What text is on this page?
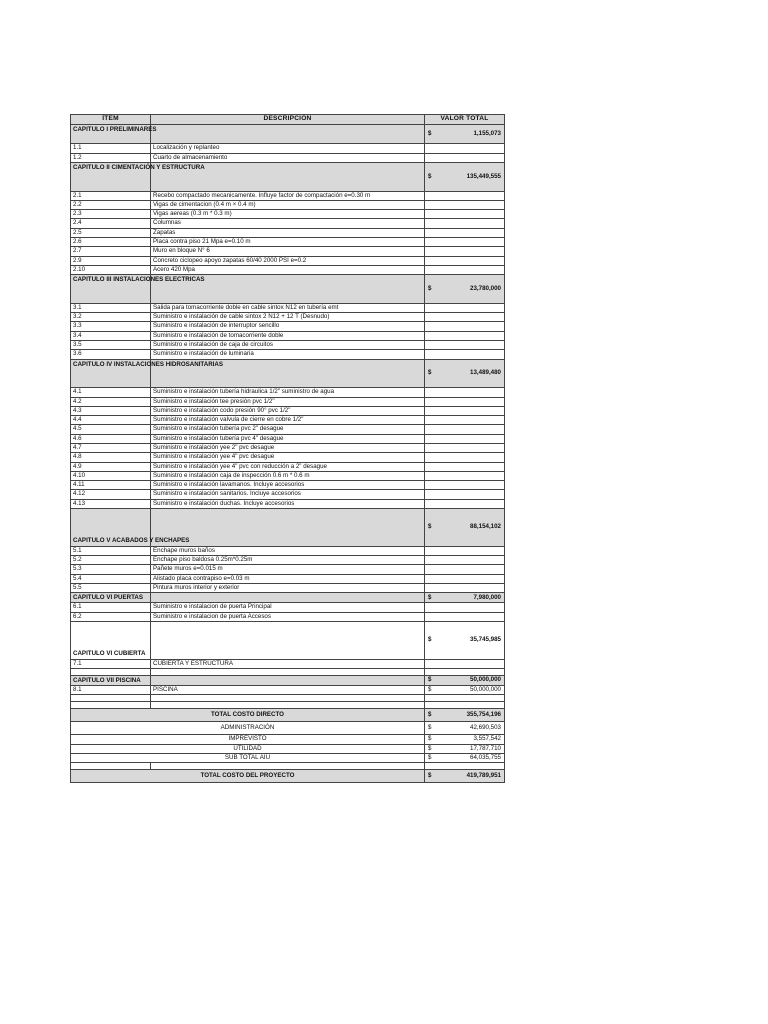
ÍTEM	DESCRIPCIÓN	VALOR TOTAL
CAPITULO I PRELIMINARES		$ 1,155,073

1.1	Localización y replanteo	
1.2	Cuarto de almacenamiento	
CAPITULO II CIMENTACIÓN Y ESTRUCTURA		$ 135,449,555

2.1	Recebo compactado mecanicamente. Influye factor de compactación e=0.30 m	
2.2	Vigas de cimentacion (0.4 m × 0.4 m)	
2.3	Vigas aereas (0.3 m * 0.3 m)	
2.4	Columnas	
2.5	Zapatas	
2.6	Placa contra piso 21 Mpa e=0.10 m	
2.7	Muro en bloque N° 6	
2.9	Concreto ciclopeo apoyo zapatas 60/40 2000 PSI e=0.2	
2.10	Acero 420 Mpa	
CAPITULO III INSTALACIONES ELECTRICAS		$ 23,780,000

3.1	Salida para tomacorriente doble en cable sintox N12 en tubería emt	
3.2	Suministro e instalación de cable sintox 2 N12 + 12 T (Desnudo)	
3.3	Suministro e instalación de interruptor sencillo	
3.4	Suministro e instalación de tomacorriente doble	
3.5	Suministro e instalación de caja de circuitos	
3.6	Suministro e instalación de luminaria	
CAPITULO IV INSTALACIONES HIDROSANITARIAS		$ 13,489,480

4.1	Suministro e instalación tubería hidraulica 1/2" suministro de agua	
4.2	Suministro e instalación tee presión pvc 1/2"	
4.3	Suministro e instalación codo presión 90° pvc 1/2"	
4.4	Suministro e instalación valvula de cierre en cobre 1/2"	
4.5	Suministro e instalación tubería pvc 2" desague	
4.6	Suministro e instalación tubería pvc 4" desague	
4.7	Suministro e instalación yee 2" pvc desague	
4.8	Suministro e instalación yee 4" pvc desague	
4.9	Suministro e instalación yee 4" pvc con reducción a 2" desague	
4.10	Suministro e instalación caja de inspección 0.6 m * 0.6 m	
4.11	Suministro e instalación lavamanos. Incluye accesorios	
4.12	Suministro e instalación sanitarios. Incluye accesorios	
4.13	Suministro e instalación duchas. Incluye accesorios	
CAPITULO V ACABADOS Y ENCHAPES		$ 88,154,102

5.1	Enchape muros baños	
5.2	Enchape piso baldosa 0.25m*0.25m	
5.3	Pañete muros e=0.015 m	
5.4	Alistado placa contrapiso e=0.03 m	
5.5	Pintura muros interior y exterior	
CAPITULO VI PUERTAS		$ 7,980,000

6.1	Suministro e instalacion de puerta Principal	
6.2	Suministro e instalacion de puerta Accesos	
CAPITULO VI CUBIERTA		$ 35,745,985

7.1	CUBIERTA Y ESTRUCTURA	

CAPITULO VII PISCINA		$ 50,000,000

8.1	PISCINA	$ 50,000,000

TOTAL COSTO DIRECTO		$ 355,754,196

ADMINISTRACIÓN		$ 42,690,503

IMPREVISTO		$ 3,557,542

UTILIDAD		$ 17,787,710

SUB TOTAL AIU		$ 64,035,755

TOTAL COSTO DEL PROYECTO		$ 419,789,951
